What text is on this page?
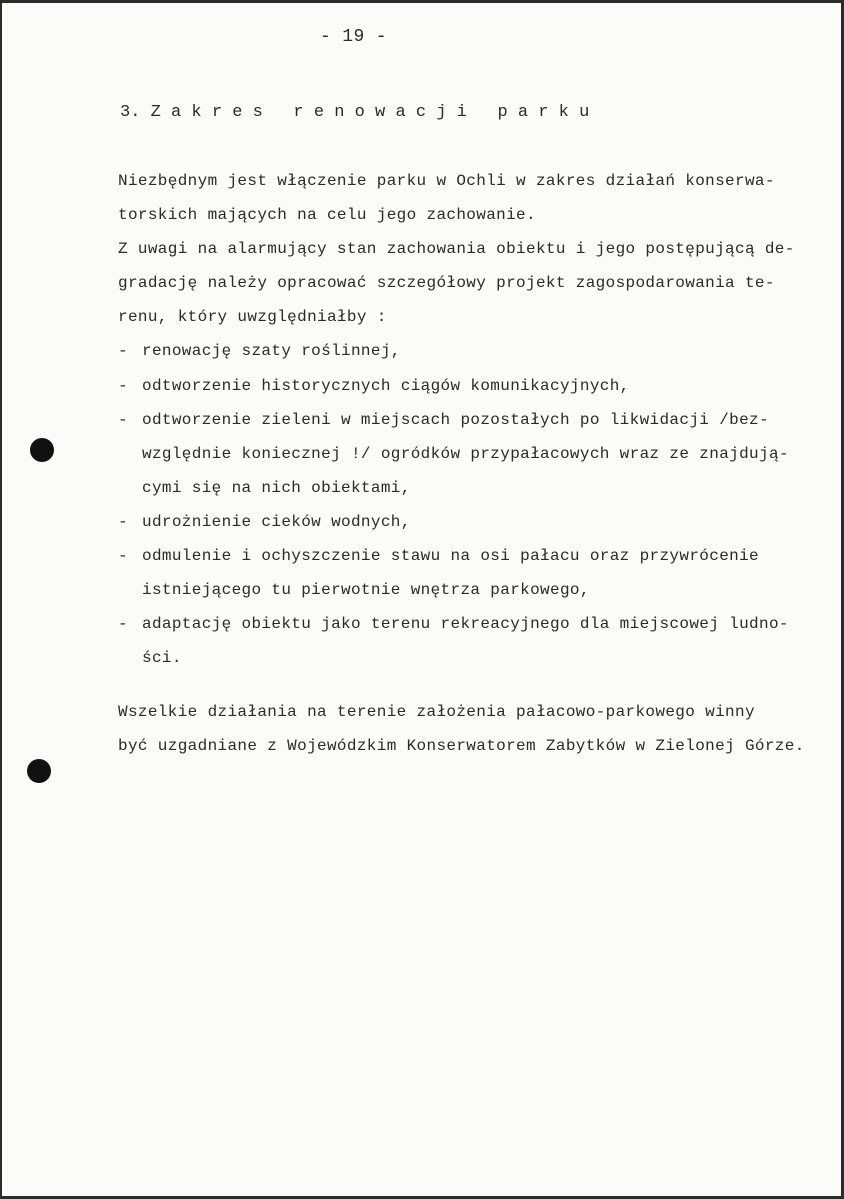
- 19 -
3. Z a k r e s   r e n o w a c j i   p a r k u
Niezbędnym jest włączenie parku w Ochli w zakres działań konserwa-
torskich mających na celu jego zachowanie.
Z uwagi na alarmujący stan zachowania obiektu i jego postępującą de-
gradację należy opracować szczegółowy projekt zagospodarowania te-
renu, który uwzględniałby :
- renowację szaty roślinnej,
- odtworzenie historycznych ciągów komunikacyjnych,
- odtworzenie zieleni w miejscach pozostałych po likwidacji /bez-
względnie koniecznej !/ ogródków przypałacowych wraz ze znajdują-
cymi się na nich obiektami,
- udrożnienie cieków wodnych,
- odmulenie i ochyszczenie stawu na osi pałacu oraz przywrócenie
istniejącego tu pierwotnie wnętrza parkowego,
- adaptację obiektu jako terenu rekreacyjnego dla miejscowej ludno-
ści.
Wszelkie działania na terenie założenia pałacowo-parkowego winny
być uzgadniane z Wojewódzkim Konserwatorem Zabytków w Zielonej Górze.
